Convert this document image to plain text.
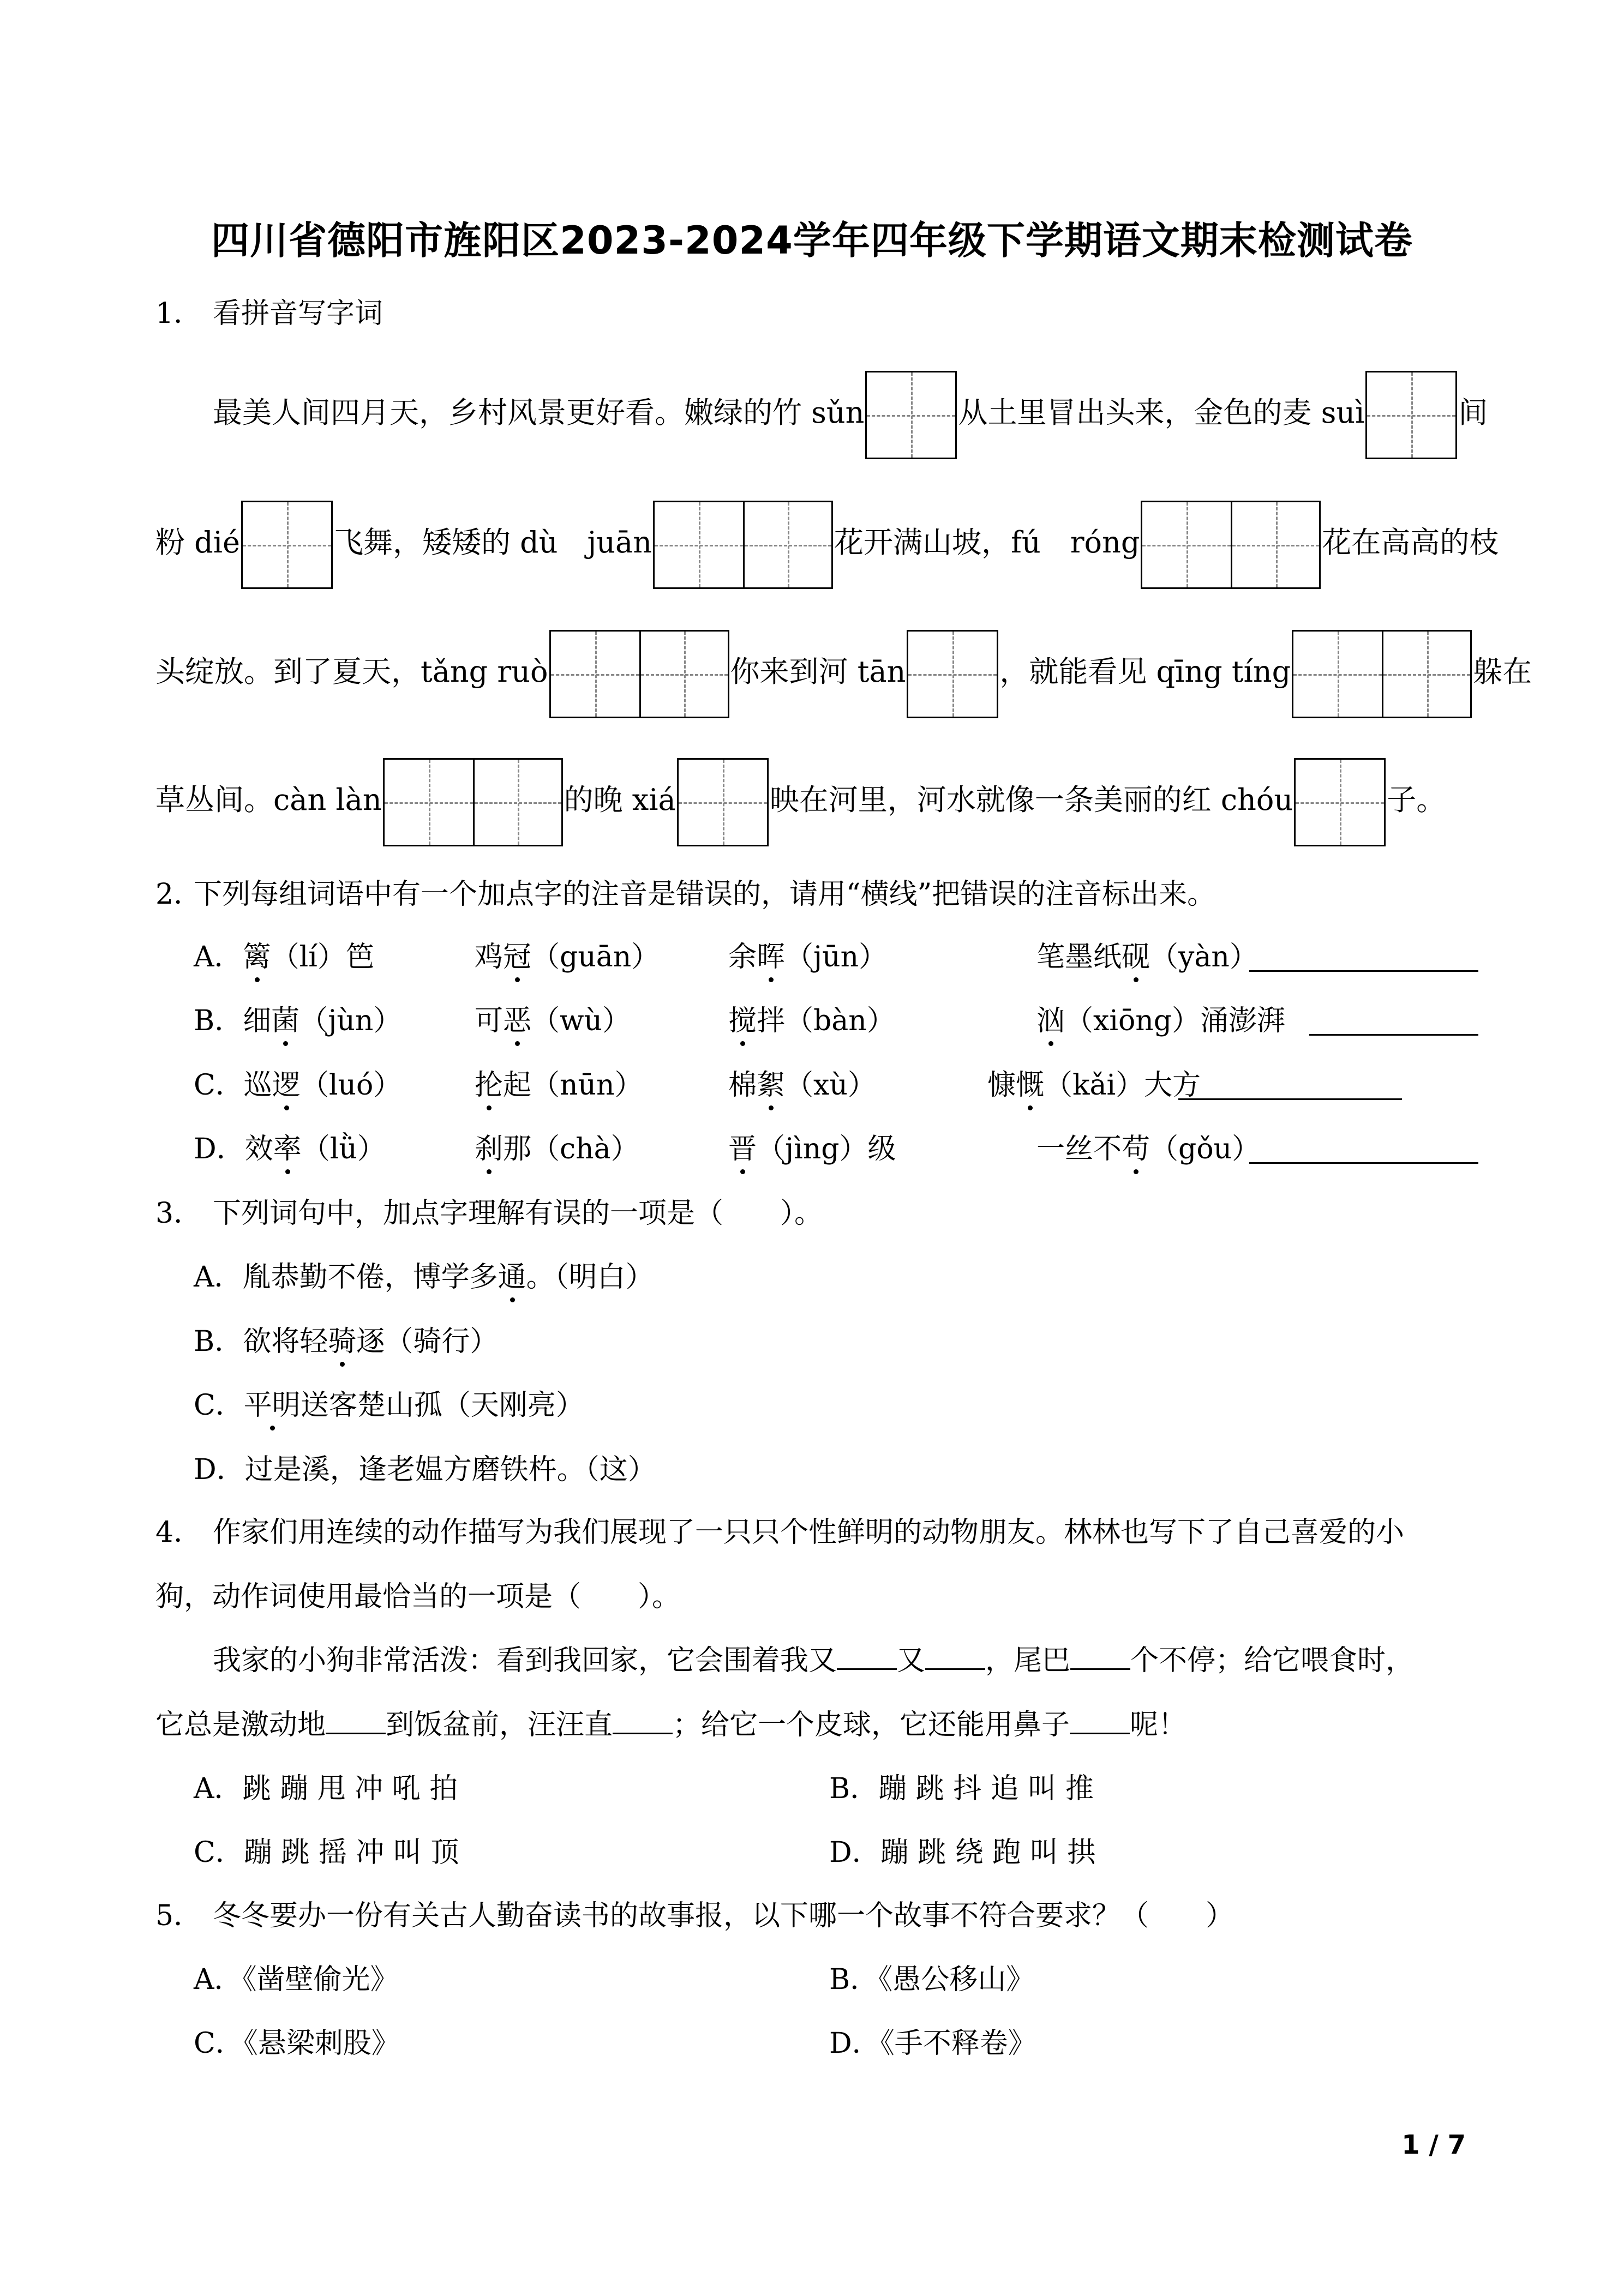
四川省德阳市旌阳区2023-2024学年四年级下学期语文期末检测试卷
1． 看拼音写字词
最美人间四月天，乡村风景更好看。嫩绿的竹 sǔn	从土里冒出头来，金色的麦 suì	间
粉 dié	飞舞，矮矮的 dù　juān	花开满山坡，fú　róng	花在高高的枝
头绽放。到了夏天，tǎng ruò	你来到河 tān	，就能看见 qīng tíng	躲在
草丛间。càn làn	的晚 xiá	映在河里，河水就像一条美丽的红 chóu	子。
2．下列每组词语中有一个加点字的注音是错误的，请用“横线”把错误的注音标出来。
A．篱（lí）笆	鸡冠（guān） 余晖（jūn）	笔墨纸砚（yàn）
B．细菌（jùn）	可恶（wù）	搅拌（bàn）	汹（xiōng）涌澎湃
C．巡逻（luó）	抡起（nūn）	棉絮（xù）	慷慨（kǎi）大方
D．效率（lǜ）	刹那（chà）	晋（jìng）级	一丝不苟（gǒu）
3． 下列词句中，加点字理解有误的一项是（　　）。
A．胤恭勤不倦，博学多通。（明白）
B．欲将轻骑逐（骑行）
C．平明送客楚山孤（天刚亮）
D．过是溪，逢老媪方磨铁杵。（这）
4． 作家们用连续的动作描写为我们展现了一只只个性鲜明的动物朋友。林林也写下了自己喜爱的小
狗，动作词使用最恰当的一项是（　　）。
我家的小狗非常活泼：看到我回家，它会围着我又 又 ，尾巴 个不停；给它喂食时，
它总是激动地 到饭盆前，汪汪直 ；给它一个皮球，它还能用鼻子 呢！
A．跳 蹦 甩 冲 吼 拍	B．蹦 跳 抖 追 叫 推
C．蹦 跳 摇 冲 叫 顶	D．蹦 跳 绕 跑 叫 拱
5． 冬冬要办一份有关古人勤奋读书的故事报，以下哪一个故事不符合要求？（　　）
A．《凿壁偷光》	B．《愚公移山》
C．《悬梁刺股》	D．《手不释卷》
1 / 7
